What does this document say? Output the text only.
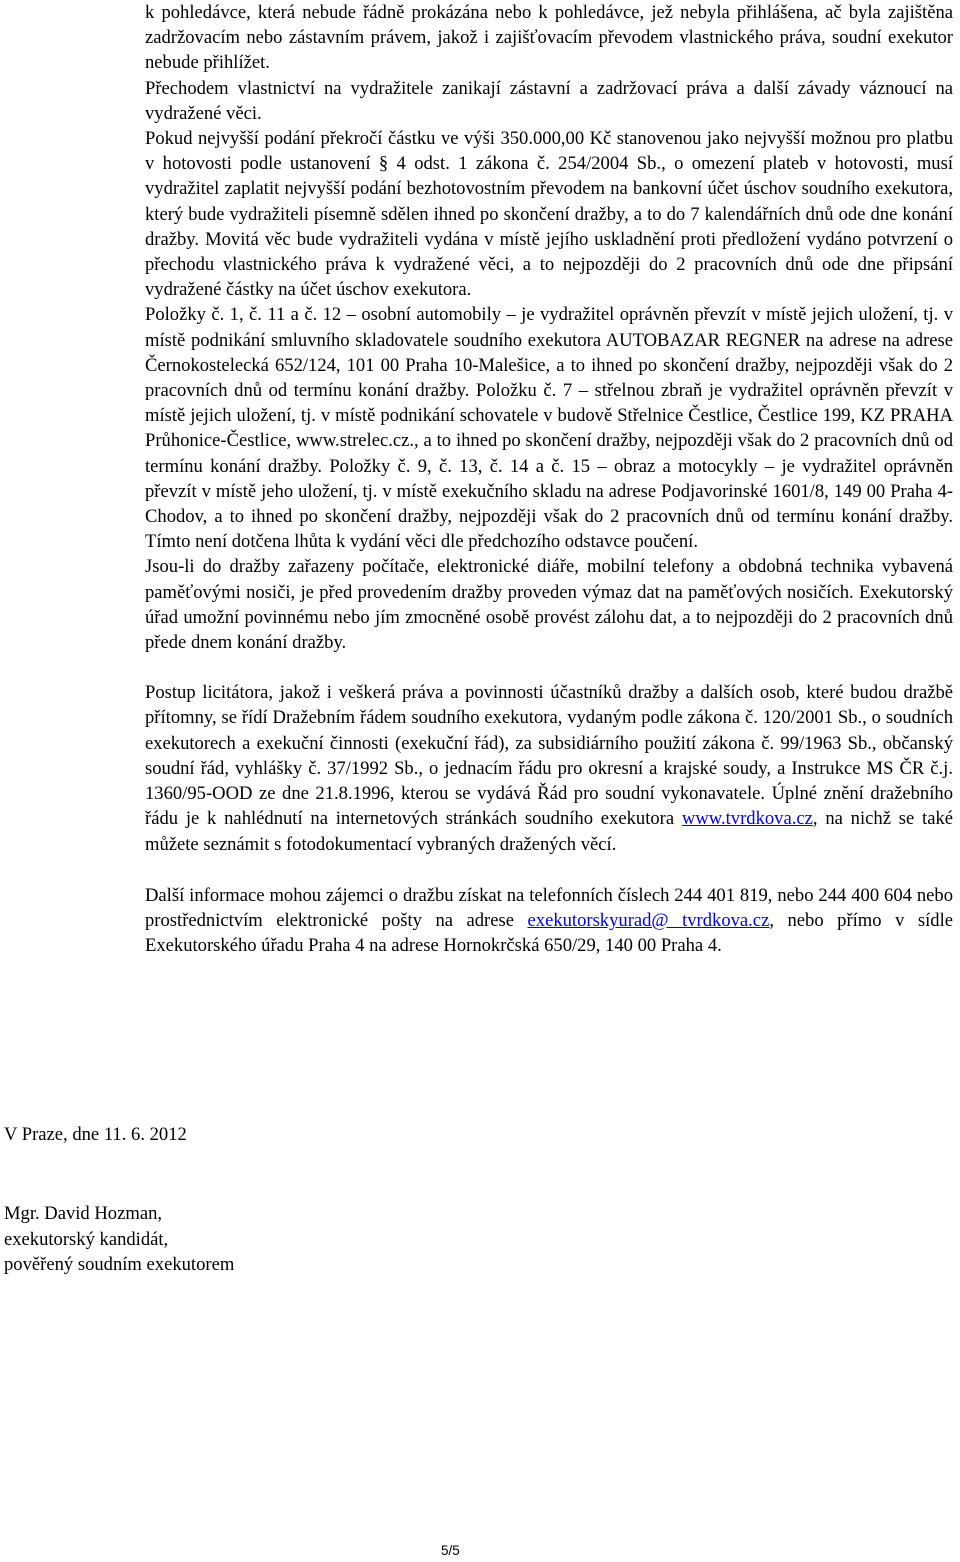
k pohledávce, která nebude řádně prokázána nebo k pohledávce, jež nebyla přihlášena, ač byla zajištěna zadržovacím nebo zástavním právem, jakož i zajišťovacím převodem vlastnického práva, soudní exekutor nebude přihlížet.

Přechodem vlastnictví na vydražitele zanikají zástavní a zadržovací práva a další závady váznoucí na vydražené věci.

Pokud nejvyšší podání překročí částku ve výši 350.000,00 Kč stanovenou jako nejvyšší možnou pro platbu v hotovosti podle ustanovení § 4 odst. 1 zákona č. 254/2004 Sb., o omezení plateb v hotovosti, musí vydražitel zaplatit nejvyšší podání bezhotovostním převodem na bankovní účet úschov soudního exekutora, který bude vydražiteli písemně sdělen ihned po skončení dražby, a to do 7 kalendářních dnů ode dne konání dražby. Movitá věc bude vydražiteli vydána v místě jejího uskladnění proti předložení vydáno potvrzení o přechodu vlastnického práva k vydražené věci, a to nejpozději do 2 pracovních dnů ode dne připsání vydražené částky na účet úschov exekutora.

Položky č. 1, č. 11 a č. 12 – osobní automobily – je vydražitel oprávněn převzít v místě jejich uložení, tj. v místě podnikání smluvního skladovatele soudního exekutora AUTOBAZAR REGNER na adrese na adrese Černokostelecká 652/124, 101 00 Praha 10-Malešice, a to ihned po skončení dražby, nejpozději však do 2 pracovních dnů od termínu konání dražby. Položku č. 7 – střelnou zbraň je vydražitel oprávněn převzít v místě jejich uložení, tj. v místě podnikání schovatele v budově Střelnice Čestlice, Čestlice 199, KZ PRAHA Průhonice-Čestlice, www.strelec.cz., a to ihned po skončení dražby, nejpozději však do 2 pracovních dnů od termínu konání dražby. Položky č. 9, č. 13, č. 14 a č. 15 – obraz a motocykly – je vydražitel oprávněn převzít v místě jeho uložení, tj. v místě exekučního skladu na adrese Podjavorinské 1601/8, 149 00 Praha 4-Chodov, a to ihned po skončení dražby, nejpozději však do 2 pracovních dnů od termínu konání dražby. Tímto není dotčena lhůta k vydání věci dle předchozího odstavce poučení.

Jsou-li do dražby zařazeny počítače, elektronické diáře, mobilní telefony a obdobná technika vybavená paměťovými nosiči, je před provedením dražby proveden výmaz dat na paměťových nosičích. Exekutorský úřad umožní povinnému nebo jím zmocněné osobě provést zálohu dat, a to nejpozději do 2 pracovních dnů přede dnem konání dražby.

Postup licitátora, jakož i veškerá práva a povinnosti účastníků dražby a dalších osob, které budou dražbě přítomny, se řídí Dražebním řádem soudního exekutora, vydaným podle zákona č. 120/2001 Sb., o soudních exekutorech a exekuční činnosti (exekuční řád), za subsidiárního použití zákona č. 99/1963 Sb., občanský soudní řád, vyhlášky č. 37/1992 Sb., o jednacím řádu pro okresní a krajské soudy, a Instrukce MS ČR č.j. 1360/95-OOD ze dne 21.8.1996, kterou se vydává Řád pro soudní vykonavatele. Úplné znění dražebního řádu je k nahlédnutí na internetových stránkách soudního exekutora www.tvrdkova.cz, na nichž se také můžete seznámit s fotodokumentací vybraných dražených věcí.

Další informace mohou zájemci o dražbu získat na telefonních číslech 244 401 819, nebo 244 400 604 nebo prostřednictvím elektronické pošty na adrese exekutorskyurad@ tvrdkova.cz, nebo přímo v sídle Exekutorského úřadu Praha 4 na adrese Hornokrčská 650/29, 140 00 Praha 4.

V Praze, dne 11. 6. 2012

Mgr. David Hozman,
exekutorský kandidát,
pověřený soudním exekutorem

5/5
